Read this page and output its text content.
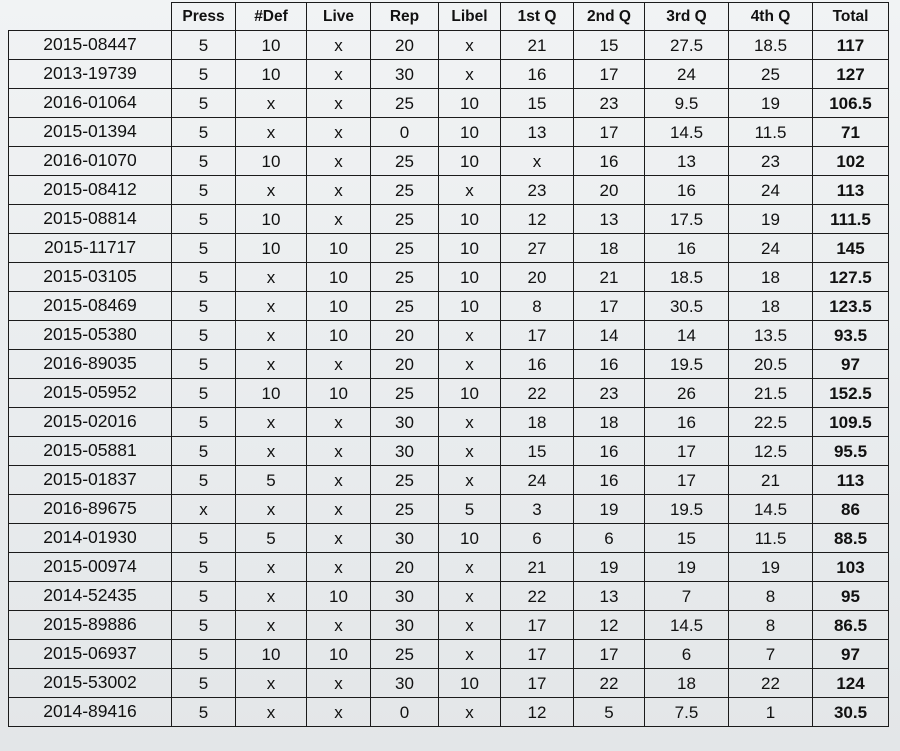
	Press	#Def	Live	Rep	Libel	1st Q	2nd Q	3rd Q	4th Q	Total
2015-08447	5	10	x	20	x	21	15	27.5	18.5	117
2013-19739	5	10	x	30	x	16	17	24	25	127
2016-01064	5	x	x	25	10	15	23	9.5	19	106.5
2015-01394	5	x	x	0	10	13	17	14.5	11.5	71
2016-01070	5	10	x	25	10	x	16	13	23	102
2015-08412	5	x	x	25	x	23	20	16	24	113
2015-08814	5	10	x	25	10	12	13	17.5	19	111.5
2015-11717	5	10	10	25	10	27	18	16	24	145
2015-03105	5	x	10	25	10	20	21	18.5	18	127.5
2015-08469	5	x	10	25	10	8	17	30.5	18	123.5
2015-05380	5	x	10	20	x	17	14	14	13.5	93.5
2016-89035	5	x	x	20	x	16	16	19.5	20.5	97
2015-05952	5	10	10	25	10	22	23	26	21.5	152.5
2015-02016	5	x	x	30	x	18	18	16	22.5	109.5
2015-05881	5	x	x	30	x	15	16	17	12.5	95.5
2015-01837	5	5	x	25	x	24	16	17	21	113
2016-89675	x	x	x	25	5	3	19	19.5	14.5	86
2014-01930	5	5	x	30	10	6	6	15	11.5	88.5
2015-00974	5	x	x	20	x	21	19	19	19	103
2014-52435	5	x	10	30	x	22	13	7	8	95
2015-89886	5	x	x	30	x	17	12	14.5	8	86.5
2015-06937	5	10	10	25	x	17	17	6	7	97
2015-53002	5	x	x	30	10	17	22	18	22	124
2014-89416	5	x	x	0	x	12	5	7.5	1	30.5
